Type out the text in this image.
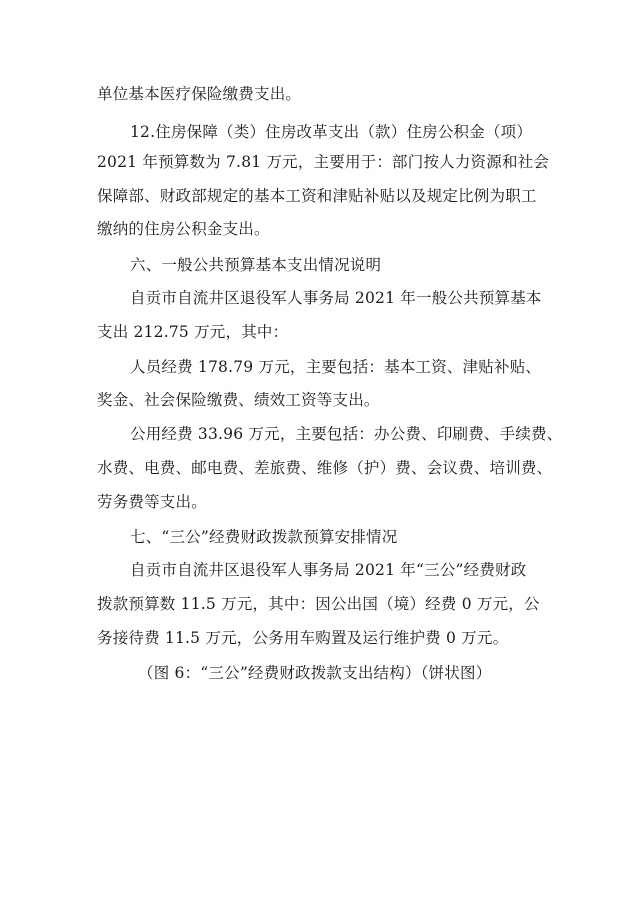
单位基本医疗保险缴费支出。
12.住房保障（类）住房改革支出（款）住房公积金（项）
2021 年预算数为 7.81 万元，主要用于：部门按人力资源和社会
保障部、财政部规定的基本工资和津贴补贴以及规定比例为职工
缴纳的住房公积金支出。
六、一般公共预算基本支出情况说明
自贡市自流井区退役军人事务局 2021 年一般公共预算基本
支出 212.75 万元，其中：
人员经费 178.79 万元，主要包括：基本工资、津贴补贴、
奖金、社会保险缴费、绩效工资等支出。
公用经费 33.96 万元，主要包括：办公费、印刷费、手续费、
水费、电费、邮电费、差旅费、维修（护）费、会议费、培训费、
劳务费等支出。
七、“三公”经费财政拨款预算安排情况
自贡市自流井区退役军人事务局 2021 年“三公”经费财政
拨款预算数 11.5 万元，其中：因公出国（境）经费 0 万元，公
务接待费 11.5 万元，公务用车购置及运行维护费 0 万元。
（图 6：“三公”经费财政拨款支出结构）（饼状图）
